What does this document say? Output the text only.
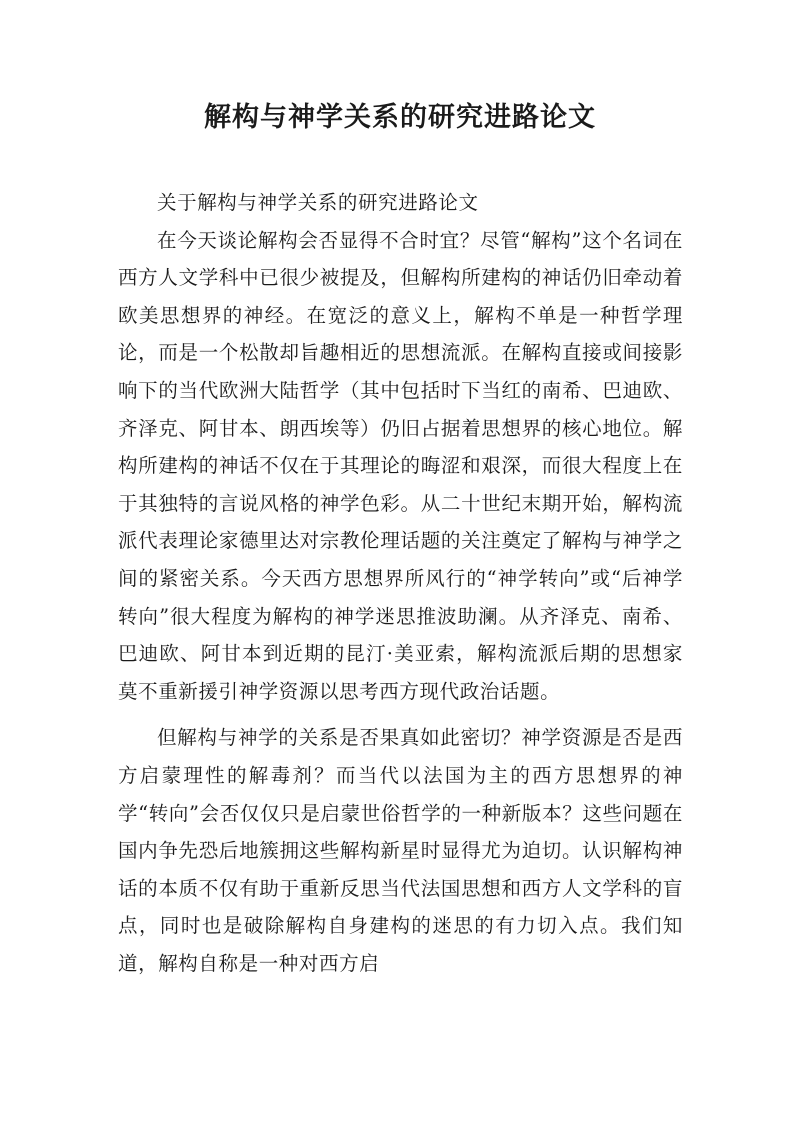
解构与神学关系的研究进路论文

关于解构与神学关系的研究进路论文

在今天谈论解构会否显得不合时宜？尽管“解构”这个名词在西方人文学科中已很少被提及，但解构所建构的神话仍旧牵动着欧美思想界的神经。在宽泛的意义上，解构不单是一种哲学理论，而是一个松散却旨趣相近的思想流派。在解构直接或间接影响下的当代欧洲大陆哲学（其中包括时下当红的南希、巴迪欧、齐泽克、阿甘本、朗西埃等）仍旧占据着思想界的核心地位。解构所建构的神话不仅在于其理论的晦涩和艰深，而很大程度上在于其独特的言说风格的神学色彩。从二十世纪末期开始，解构流派代表理论家德里达对宗教伦理话题的关注奠定了解构与神学之间的紧密关系。今天西方思想界所风行的“神学转向”或“后神学转向”很大程度为解构的神学迷思推波助澜。从齐泽克、南希、巴迪欧、阿甘本到近期的昆汀·美亚索，解构流派后期的思想家莫不重新援引神学资源以思考西方现代政治话题。

但解构与神学的关系是否果真如此密切？神学资源是否是西方启蒙理性的解毒剂？而当代以法国为主的西方思想界的神学“转向”会否仅仅只是启蒙世俗哲学的一种新版本？这些问题在国内争先恐后地簇拥这些解构新星时显得尤为迫切。认识解构神话的本质不仅有助于重新反思当代法国思想和西方人文学科的盲点，同时也是破除解构自身建构的迷思的有力切入点。我们知道，解构自称是一种对西方启
